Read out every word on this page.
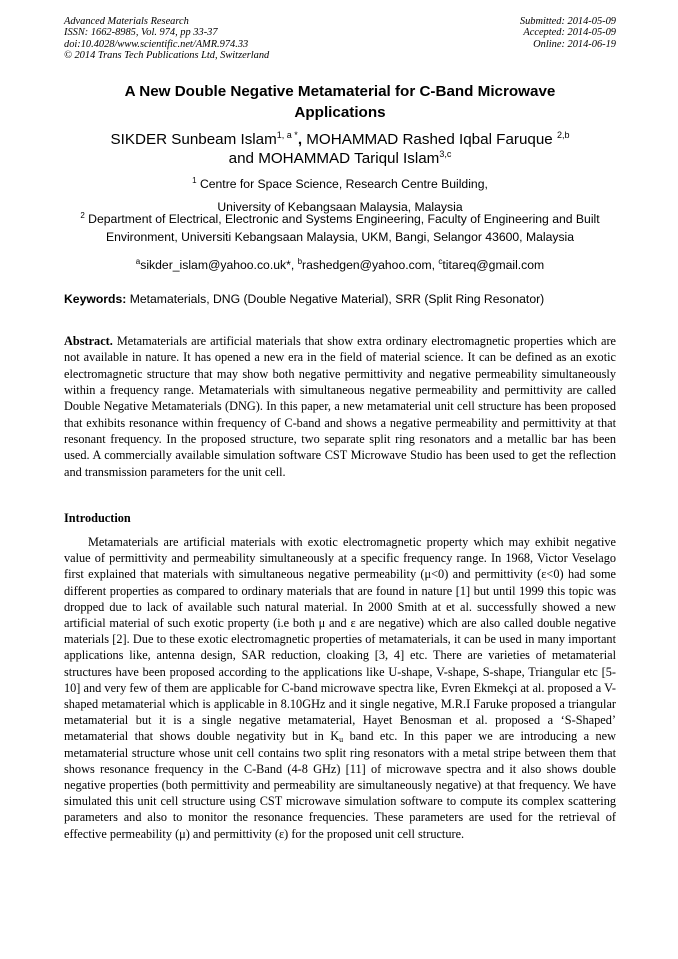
Advanced Materials Research
ISSN: 1662-8985, Vol. 974, pp 33-37
doi:10.4028/www.scientific.net/AMR.974.33
© 2014 Trans Tech Publications Ltd, Switzerland
Submitted: 2014-05-09
Accepted: 2014-05-09
Online: 2014-06-19
A New Double Negative Metamaterial for C-Band Microwave
Applications
SIKDER Sunbeam Islam$^{1, a *}$, MOHAMMAD Rashed Iqbal Faruque $^{2,b}$
and MOHAMMAD Tariqul Islam$^{3,c}$
$^1$ Centre for Space Science, Research Centre Building,
University of Kebangsaan Malaysia, Malaysia
$^2$ Department of Electrical, Electronic and Systems Engineering, Faculty of Engineering and Built
Environment, Universiti Kebangsaan Malaysia, UKM, Bangi, Selangor 43600, Malaysia
$^a$sikder_islam@yahoo.co.uk*, $^b$rashedgen@yahoo.com, $^c$titareq@gmail.com
Keywords: Metamaterials, DNG (Double Negative Material), SRR (Split Ring Resonator)
Abstract. Metamaterials are artificial materials that show extra ordinary electromagnetic properties which are not available in nature. It has opened a new era in the field of material science. It can be defined as an exotic electromagnetic structure that may show both negative permittivity and negative permeability simultaneously within a frequency range. Metamaterials with simultaneous negative permeability and permittivity are called Double Negative Metamaterials (DNG). In this paper, a new metamaterial unit cell structure has been proposed that exhibits resonance within frequency of C-band and shows a negative permeability and permittivity at that resonant frequency. In the proposed structure, two separate split ring resonators and a metallic bar has been used. A commercially available simulation software CST Microwave Studio has been used to get the reflection and transmission parameters for the unit cell.
Introduction
Metamaterials are artificial materials with exotic electromagnetic property which may exhibit negative value of permittivity and permeability simultaneously at a specific frequency range. In 1968, Victor Veselago first explained that materials with simultaneous negative permeability (μ<0) and permittivity (ε<0) had some different properties as compared to ordinary materials that are found in nature [1] but until 1999 this topic was dropped due to lack of available such natural material. In 2000 Smith at et al. successfully showed a new artificial material of such exotic property (i.e both μ and ε are negative) which are also called double negative materials [2]. Due to these exotic electromagnetic properties of metamaterials, it can be used in many important applications like, antenna design, SAR reduction, cloaking [3, 4] etc. There are varieties of metamaterial structures have been proposed according to the applications like U-shape, V-shape, S-shape, Triangular etc [5-10] and very few of them are applicable for C-band microwave spectra like, Evren Ekmekçi at al. proposed a V-shaped metamaterial which is applicable in 8.10GHz and it single negative, M.R.I Faruke proposed a triangular metamaterial but it is a single negative metamaterial, Hayet Benosman et al. proposed a ‘S-Shaped’ metamaterial that shows double negativity but in $K_u$ band etc. In this paper we are introducing a new metamaterial structure whose unit cell contains two split ring resonators with a metal stripe between them that shows resonance frequency in the C-Band (4-8 GHz) [11] of microwave spectra and it also shows double negative properties (both permittivity and permeability are simultaneously negative) at that frequency. We have simulated this unit cell structure using CST microwave simulation software to compute its complex scattering parameters and also to monitor the resonance frequencies. These parameters are used for the retrieval of effective permeability (μ) and permittivity (ε) for the proposed unit cell structure.
